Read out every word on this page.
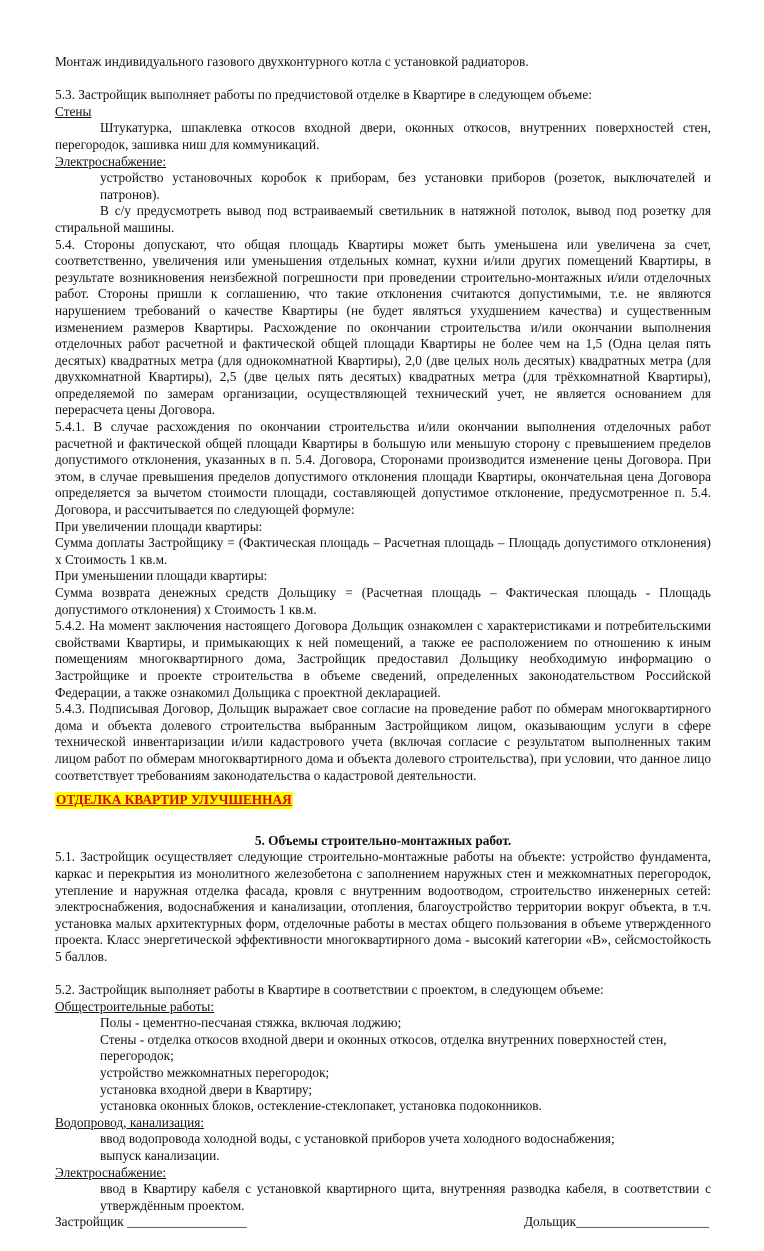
Монтаж индивидуального газового двухконтурного котла с установкой радиаторов.

5.3. Застройщик выполняет работы по предчистовой отделке в Квартире в следующем объеме:

Стены

Штукатурка, шпаклевка откосов входной двери, оконных откосов, внутренних поверхностей стен, перегородок, зашивка ниш для коммуникаций.

Электроснабжение:

устройство установочных коробок к приборам, без установки приборов (розеток, выключателей и патронов).

В с/у предусмотреть вывод под встраиваемый светильник в натяжной потолок, вывод под розетку для стиральной машины.

5.4. Стороны допускают, что общая площадь Квартиры может быть уменьшена или увеличена за счет, соответственно, увеличения или уменьшения отдельных комнат, кухни и/или других помещений Квартиры, в результате возникновения неизбежной погрешности при проведении строительно-монтажных и/или отделочных работ. Стороны пришли к соглашению, что такие отклонения считаются допустимыми, т.е. не являются нарушением требований о качестве Квартиры (не будет являться ухудшением качества) и существенным изменением размеров Квартиры. Расхождение по окончании строительства и/или окончании выполнения отделочных работ расчетной и фактической общей площади Квартиры не более чем на 1,5 (Одна целая пять десятых) квадратных метра (для однокомнатной Квартиры), 2,0 (две целых ноль десятых) квадратных метра (для двухкомнатной Квартиры), 2,5 (две целых пять десятых) квадратных метра (для трёхкомнатной Квартиры), определяемой по замерам организации, осуществляющей технический учет, не является основанием для перерасчета цены Договора.

5.4.1. В случае расхождения по окончании строительства и/или окончании выполнения отделочных работ расчетной и фактической общей площади Квартиры в большую или меньшую сторону с превышением пределов допустимого отклонения, указанных в п. 5.4. Договора, Сторонами производится изменение цены Договора. При этом, в случае превышения пределов допустимого отклонения площади Квартиры, окончательная цена Договора определяется за вычетом стоимости площади, составляющей допустимое отклонение, предусмотренное п. 5.4. Договора, и рассчитывается по следующей формуле:

При увеличении площади квартиры:

Сумма доплаты Застройщику = (Фактическая площадь – Расчетная площадь – Площадь допустимого отклонения) х Стоимость 1 кв.м.

При уменьшении площади квартиры:

Сумма возврата денежных средств Дольщику = (Расчетная площадь – Фактическая площадь - Площадь допустимого отклонения) х Стоимость 1 кв.м.

5.4.2. На момент заключения настоящего Договора Дольщик ознакомлен с характеристиками и потребительскими свойствами Квартиры, и примыкающих к ней помещений, а также ее расположением по отношению к иным помещениям многоквартирного дома, Застройщик предоставил Дольщику необходимую информацию о Застройщике и проекте строительства в объеме сведений, определенных законодательством Российской Федерации, а также ознакомил Дольщика с проектной декларацией.

5.4.3. Подписывая Договор, Дольщик выражает свое согласие на проведение работ по обмерам многоквартирного дома и объекта долевого строительства выбранным Застройщиком лицом, оказывающим услуги в сфере технической инвентаризации и/или кадастрового учета (включая согласие с результатом выполненных таким лицом работ по обмерам многоквартирного дома и объекта долевого строительства), при условии, что данное лицо соответствует требованиям законодательства о кадастровой деятельности.

ОТДЕЛКА КВАРТИР УЛУЧШЕННАЯ

5. Объемы строительно-монтажных работ.

5.1. Застройщик осуществляет следующие строительно-монтажные работы на объекте: устройство фундамента, каркас и перекрытия из монолитного железобетона с заполнением наружных стен и межкомнатных перегородок, утепление и наружная отделка фасада, кровля с внутренним водоотводом, строительство инженерных сетей: электроснабжения, водоснабжения и канализации, отопления, благоустройство территории вокруг объекта, в т.ч. установка малых архитектурных форм, отделочные работы в местах общего пользования в объеме утвержденного проекта. Класс энергетической эффективности многоквартирного дома - высокий категории «В», сейсмостойкость 5 баллов.

5.2. Застройщик выполняет работы в Квартире в соответствии с проектом, в следующем объеме:

Общестроительные работы:

Полы - цементно-песчаная стяжка, включая лоджию;

Стены - отделка откосов входной двери и оконных откосов, отделка внутренних поверхностей стен, перегородок;

устройство межкомнатных перегородок;

установка входной двери в Квартиру;

установка оконных блоков, остекление-стеклопакет, установка подоконников.

Водопровод, канализация:

ввод водопровода холодной воды, с установкой приборов учета холодного водоснабжения;

выпуск канализации.

Электроснабжение:

ввод в Квартиру кабеля с установкой квартирного щита, внутренняя разводка кабеля, в соответствии с утверждённым проектом.

Застройщик __________________	Дольщик____________________
